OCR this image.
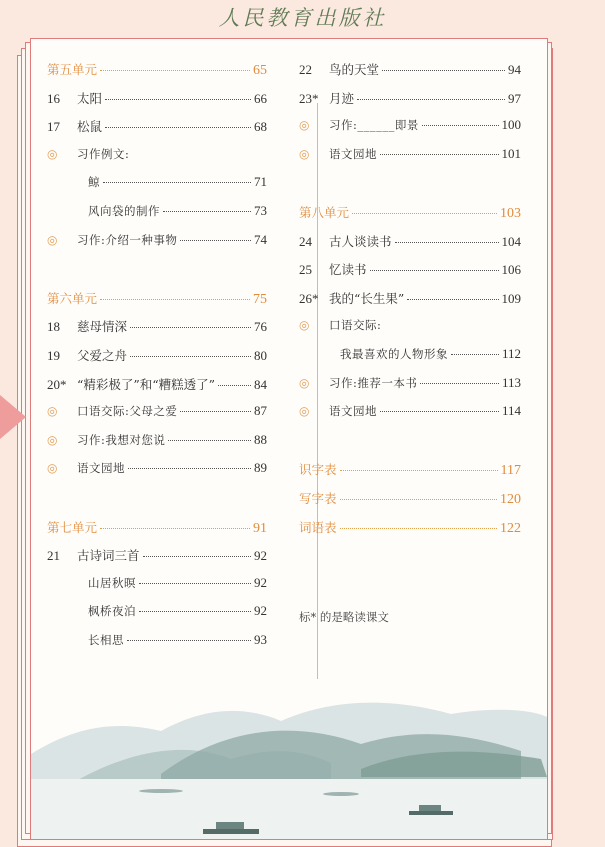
人民教育出版社
第五单元	65
16	太阳	66
17	松鼠	68
◎	习作例文:
鲸	71
风向袋的制作	73
◎	习作:介绍一种事物	74
第六单元	75
18	慈母情深	76
19	父爱之舟	80
20* “精彩极了”和“糟糕透了”	84
◎	口语交际:父母之爱	87
◎	习作:我想对您说	88
◎	语文园地	89
第七单元	91
21	古诗词三首	92
山居秋暝	92
枫桥夜泊	92
长相思	93
22	鸟的天堂	94
23* 月迹	97
◎	习作:______即景	100
◎	语文园地	101
第八单元	103
24	古人谈读书	104
25	忆读书	106
26* 我的“长生果”	109
◎	口语交际:
我最喜欢的人物形象	112
◎	习作:推荐一本书	113
◎	语文园地	114
识字表	117
写字表	120
词语表	122
标* 的是略读课文
